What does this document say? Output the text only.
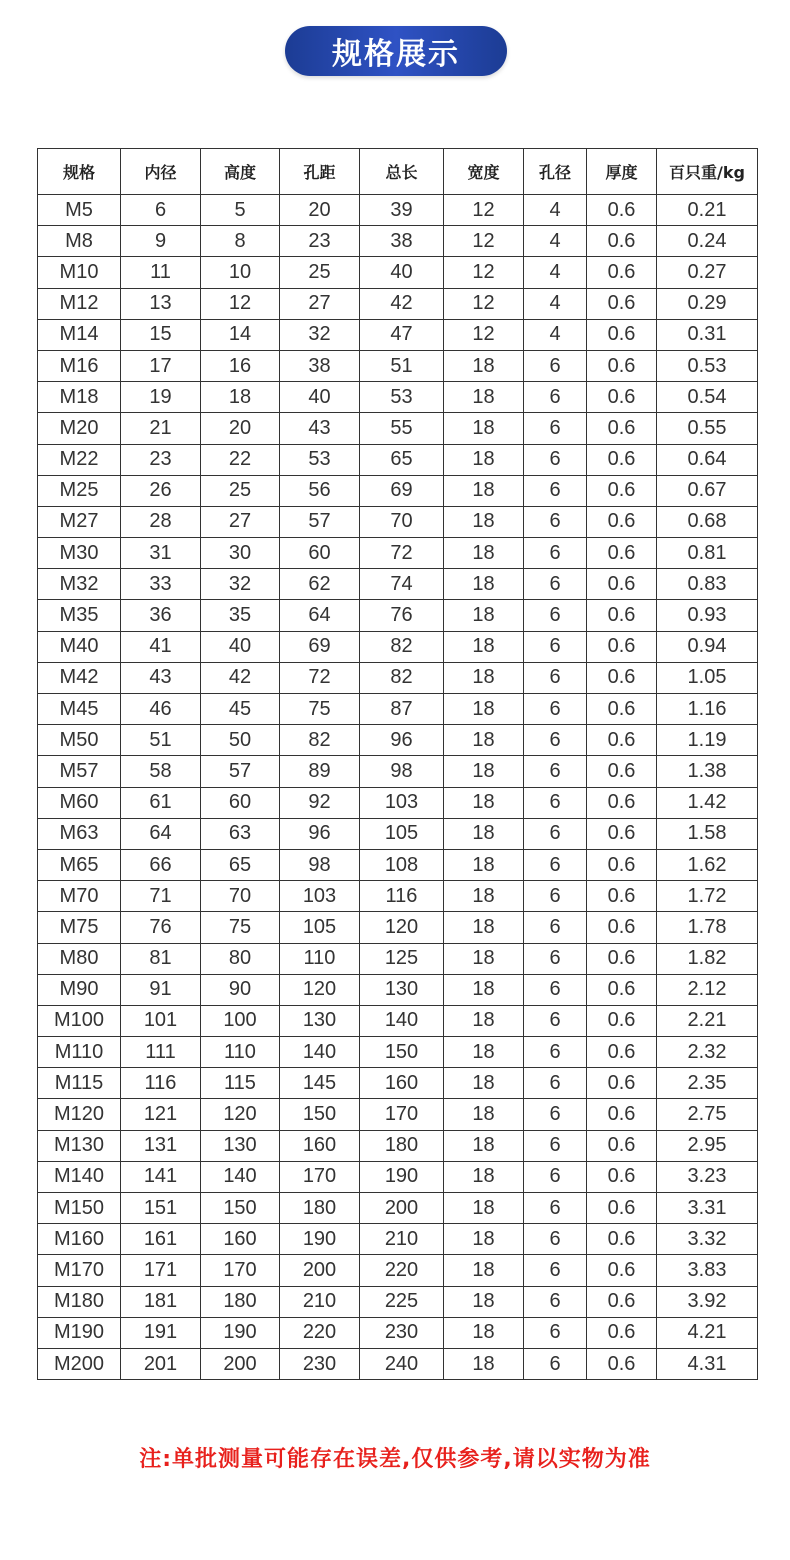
规格展示
规格	内径	高度	孔距	总长	宽度	孔径	厚度	百只重/kg
M5	6	5	20	39	12	4	0.6	0.21
M8	9	8	23	38	12	4	0.6	0.24
M10	11	10	25	40	12	4	0.6	0.27
M12	13	12	27	42	12	4	0.6	0.29
M14	15	14	32	47	12	4	0.6	0.31
M16	17	16	38	51	18	6	0.6	0.53
M18	19	18	40	53	18	6	0.6	0.54
M20	21	20	43	55	18	6	0.6	0.55
M22	23	22	53	65	18	6	0.6	0.64
M25	26	25	56	69	18	6	0.6	0.67
M27	28	27	57	70	18	6	0.6	0.68
M30	31	30	60	72	18	6	0.6	0.81
M32	33	32	62	74	18	6	0.6	0.83
M35	36	35	64	76	18	6	0.6	0.93
M40	41	40	69	82	18	6	0.6	0.94
M42	43	42	72	82	18	6	0.6	1.05
M45	46	45	75	87	18	6	0.6	1.16
M50	51	50	82	96	18	6	0.6	1.19
M57	58	57	89	98	18	6	0.6	1.38
M60	61	60	92	103	18	6	0.6	1.42
M63	64	63	96	105	18	6	0.6	1.58
M65	66	65	98	108	18	6	0.6	1.62
M70	71	70	103	116	18	6	0.6	1.72
M75	76	75	105	120	18	6	0.6	1.78
M80	81	80	110	125	18	6	0.6	1.82
M90	91	90	120	130	18	6	0.6	2.12
M100	101	100	130	140	18	6	0.6	2.21
M110	111	110	140	150	18	6	0.6	2.32
M115	116	115	145	160	18	6	0.6	2.35
M120	121	120	150	170	18	6	0.6	2.75
M130	131	130	160	180	18	6	0.6	2.95
M140	141	140	170	190	18	6	0.6	3.23
M150	151	150	180	200	18	6	0.6	3.31
M160	161	160	190	210	18	6	0.6	3.32
M170	171	170	200	220	18	6	0.6	3.83
M180	181	180	210	225	18	6	0.6	3.92
M190	191	190	220	230	18	6	0.6	4.21
M200	201	200	230	240	18	6	0.6	4.31
注:单批测量可能存在误差,仅供参考,请以实物为准
